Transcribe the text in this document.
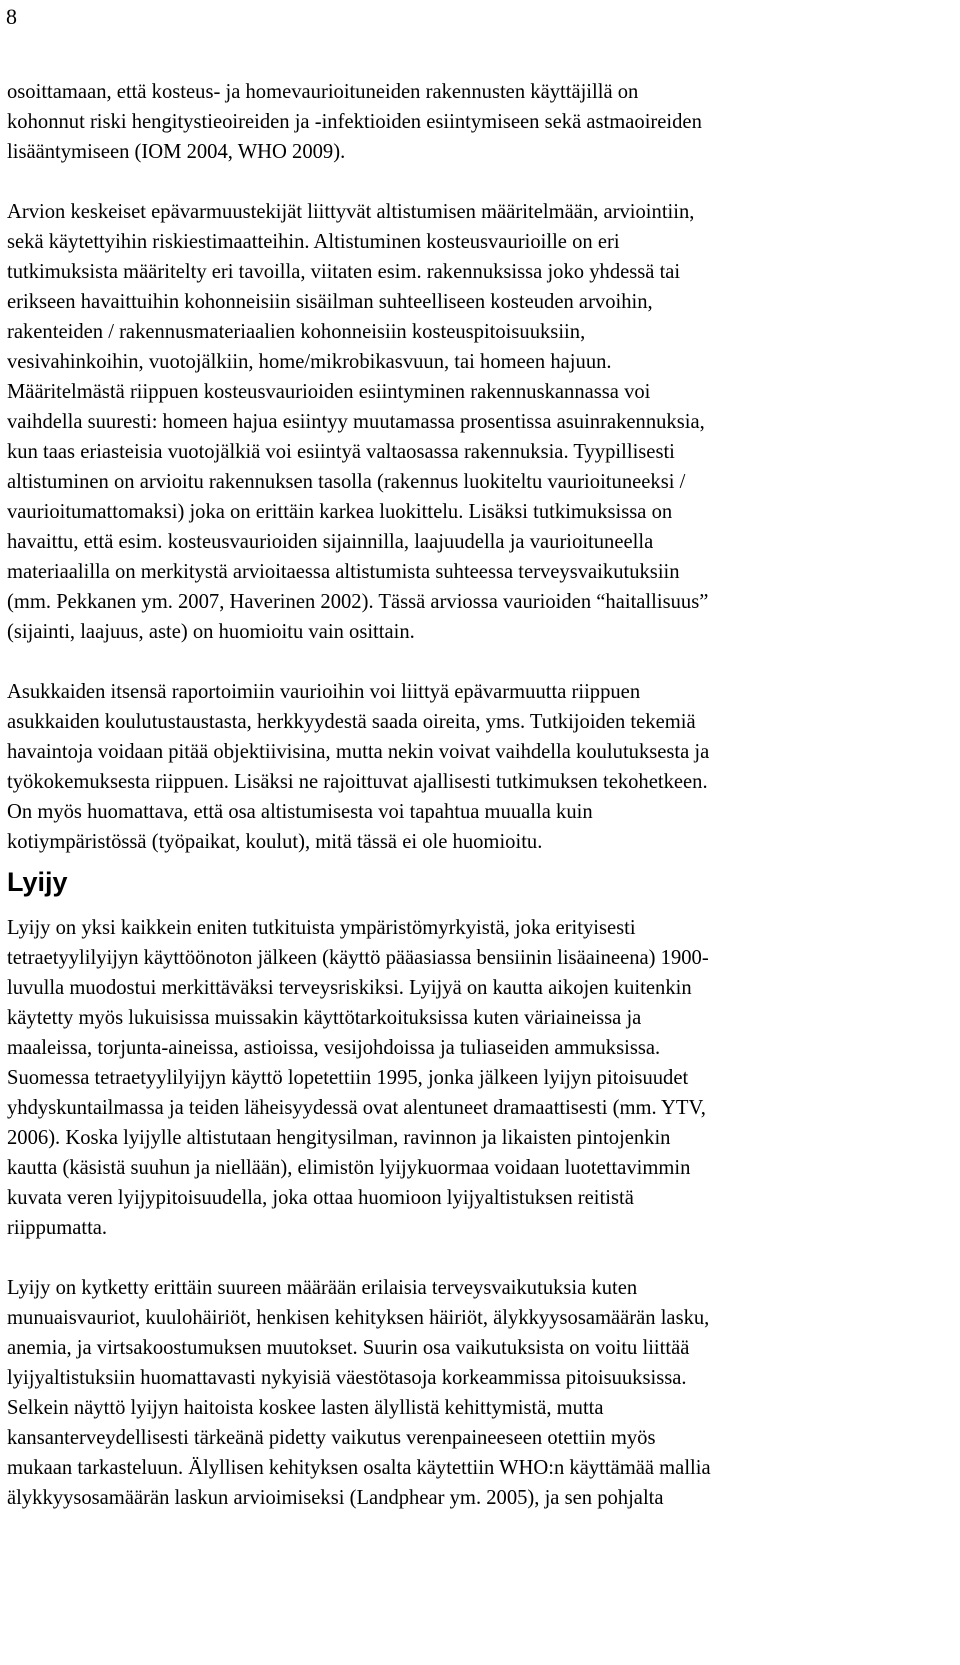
8

osoittamaan, että kosteus- ja homevaurioituneiden rakennusten käyttäjillä on
kohonnut riski hengitystieoireiden ja -infektioiden esiintymiseen sekä astmaoireiden
lisääntymiseen (IOM 2004, WHO 2009).

Arvion keskeiset epävarmuustekijät liittyvät altistumisen määritelmään, arviointiin,
sekä käytettyihin riskiestimaatteihin. Altistuminen kosteusvaurioille on eri
tutkimuksista määritelty eri tavoilla, viitaten esim. rakennuksissa joko yhdessä tai
erikseen havaittuihin kohonneisiin sisäilman suhteelliseen kosteuden arvoihin,
rakenteiden / rakennusmateriaalien kohonneisiin kosteuspitoisuuksiin,
vesivahinkoihin, vuotojälkiin, home/mikrobikasvuun, tai homeen hajuun.
Määritelmästä riippuen kosteusvaurioiden esiintyminen rakennuskannassa voi
vaihdella suuresti: homeen hajua esiintyy muutamassa prosentissa asuinrakennuksia,
kun taas eriasteisia vuotojälkiä voi esiintyä valtaosassa rakennuksia. Tyypillisesti
altistuminen on arvioitu rakennuksen tasolla (rakennus luokiteltu vaurioituneeksi /
vaurioitumattomaksi) joka on erittäin karkea luokittelu. Lisäksi tutkimuksissa on
havaittu, että esim. kosteusvaurioiden sijainnilla, laajuudella ja vaurioituneella
materiaalilla on merkitystä arvioitaessa altistumista suhteessa terveysvaikutuksiin
(mm. Pekkanen ym. 2007, Haverinen 2002). Tässä arviossa vaurioiden “haitallisuus”
(sijainti, laajuus, aste) on huomioitu vain osittain.

Asukkaiden itsensä raportoimiin vaurioihin voi liittyä epävarmuutta riippuen
asukkaiden koulutustaustasta, herkkyydestä saada oireita, yms. Tutkijoiden tekemiä
havaintoja voidaan pitää objektiivisina, mutta nekin voivat vaihdella koulutuksesta ja
työkokemuksesta riippuen. Lisäksi ne rajoittuvat ajallisesti tutkimuksen tekohetkeen.
On myös huomattava, että osa altistumisesta voi tapahtua muualla kuin
kotiympäristössä (työpaikat, koulut), mitä tässä ei ole huomioitu.

Lyijy

Lyijy on yksi kaikkein eniten tutkituista ympäristömyrkyistä, joka erityisesti
tetraetyylilyijyn käyttöönoton jälkeen (käyttö pääasiassa bensiinin lisäaineena) 1900-
luvulla muodostui merkittäväksi terveysriskiksi. Lyijyä on kautta aikojen kuitenkin
käytetty myös lukuisissa muissakin käyttötarkoituksissa kuten väriaineissa ja
maaleissa, torjunta-aineissa, astioissa, vesijohdoissa ja tuliaseiden ammuksissa.
Suomessa tetraetyylilyijyn käyttö lopetettiin 1995, jonka jälkeen lyijyn pitoisuudet
yhdyskuntailmassa ja teiden läheisyydessä ovat alentuneet dramaattisesti (mm. YTV,
2006). Koska lyijylle altistutaan hengitysilman, ravinnon ja likaisten pintojenkin
kautta (käsistä suuhun ja niellään), elimistön lyijykuormaa voidaan luotettavimmin
kuvata veren lyijypitoisuudella, joka ottaa huomioon lyijyaltistuksen reitistä
riippumatta.

Lyijy on kytketty erittäin suureen määrään erilaisia terveysvaikutuksia kuten
munuaisvauriot, kuulohäiriöt, henkisen kehityksen häiriöt, älykkyysosamäärän lasku,
anemia, ja virtsakoostumuksen muutokset. Suurin osa vaikutuksista on voitu liittää
lyijyaltistuksiin huomattavasti nykyisiä väestötasoja korkeammissa pitoisuuksissa.
Selkein näyttö lyijyn haitoista koskee lasten älyllistä kehittymistä, mutta
kansanterveydellisesti tärkeänä pidetty vaikutus verenpaineeseen otettiin myös
mukaan tarkasteluun. Älyllisen kehityksen osalta käytettiin WHO:n käyttämää mallia
älykkyysosamäärän laskun arvioimiseksi (Landphear ym. 2005), ja sen pohjalta
